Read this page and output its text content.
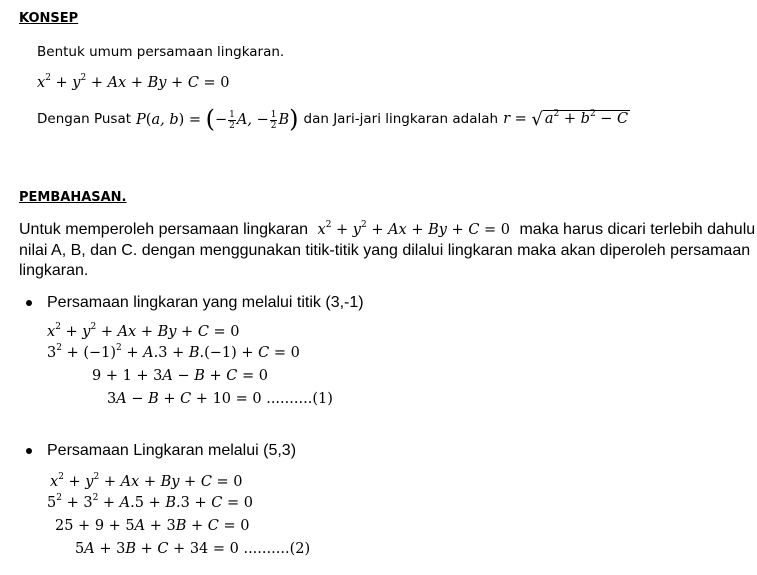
KONSEP
Bentuk umum persamaan lingkaran.
$x^2 + y^2 + Ax + By + C = 0$
Dengan Pusat P(a, b) = (− $\frac{1}{2} A$, − $\frac{1}{2} B$) dan Jari-jari lingkaran adalah r = √ $a^2 + b^2 - C$
PEMBAHASAN.
Untuk memperoleh persamaan lingkaran $x^2 + y^2 + Ax + By + C = 0$ maka harus dicari terlebih dahulu
nilai A, B, dan C. dengan menggunakan titik-titik yang dilalui lingkaran maka akan diperoleh persamaan
lingkaran.
Persamaan lingkaran yang melalui titik (3,-1)
$x^2 + y^2 + Ax + By + C = 0$
$3^2 + (-1)^2 + A.3 + B.(-1) + C = 0$
9 + 1 + 3A − B + C = 0
3A − B + C + 10 = 0 ..........(1)
Persamaan Lingkaran melalui (5,3)
$x^2 + y^2 + Ax + By + C = 0$
$5^2 + 3^2 + A.5 + B.3 + C = 0$
25 + 9 + 5A + 3B + C = 0
5A + 3B + C + 34 = 0 ..........(2)
